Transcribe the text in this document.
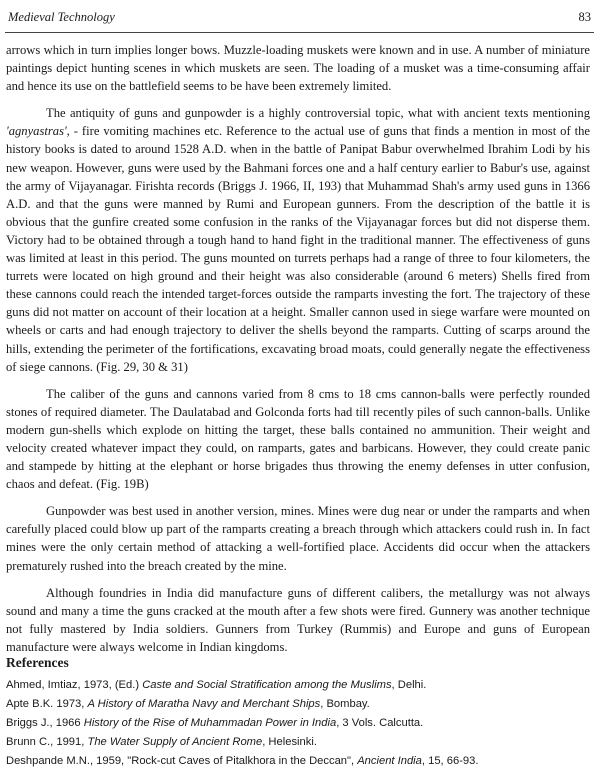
Medieval Technology	83

arrows which in turn implies longer bows. Muzzle-loading muskets were known and in use. A number of miniature paintings depict hunting scenes in which muskets are seen. The loading of a musket was a time-consuming affair and hence its use on the battlefield seems to be have been extremely limited.

The antiquity of guns and gunpowder is a highly controversial topic, what with ancient texts mentioning 'agnyastras', - fire vomiting machines etc. Reference to the actual use of guns that finds a mention in most of the history books is dated to around 1528 A.D. when in the battle of Panipat Babur overwhelmed Ibrahim Lodi by his new weapon. However, guns were used by the Bahmani forces one and a half century earlier to Babur's use, against the army of Vijayanagar. Firishta records (Briggs J. 1966, II, 193) that Muhammad Shah's army used guns in 1366 A.D. and that the guns were manned by Rumi and European gunners. From the description of the battle it is obvious that the gunfire created some confusion in the ranks of the Vijayanagar forces but did not disperse them. Victory had to be obtained through a tough hand to hand fight in the traditional manner. The effectiveness of guns was limited at least in this period. The guns mounted on turrets perhaps had a range of three to four kilometers, the turrets were located on high ground and their height was also considerable (around 6 meters) Shells fired from these cannons could reach the intended target-forces outside the ramparts investing the fort. The trajectory of these guns did not matter on account of their location at a height. Smaller cannon used in siege warfare were mounted on wheels or carts and had enough trajectory to deliver the shells beyond the ramparts. Cutting of scarps around the hills, extending the perimeter of the fortifications, excavating broad moats, could generally negate the effectiveness of siege cannons. (Fig. 29, 30 & 31)

The caliber of the guns and cannons varied from 8 cms to 18 cms cannon-balls were perfectly rounded stones of required diameter. The Daulatabad and Golconda forts had till recently piles of such cannon-balls. Unlike modern gun-shells which explode on hitting the target, these balls contained no ammunition. Their weight and velocity created whatever impact they could, on ramparts, gates and barbicans. However, they could create panic and stampede by hitting at the elephant or horse brigades thus throwing the enemy defenses in utter confusion, chaos and defeat. (Fig. 19B)

Gunpowder was best used in another version, mines. Mines were dug near or under the ramparts and when carefully placed could blow up part of the ramparts creating a breach through which attackers could rush in. In fact mines were the only certain method of attacking a well-fortified place. Accidents did occur when the attackers prematurely rushed into the breach created by the mine.

Although foundries in India did manufacture guns of different calibers, the metallurgy was not always sound and many a time the guns cracked at the mouth after a few shots were fired. Gunnery was another technique not fully mastered by India soldiers. Gunners from Turkey (Rummis) and Europe and guns of European manufacture were always welcome in Indian kingdoms.

References
Ahmed, Imtiaz, 1973, (Ed.) Caste and Social Stratification among the Muslims, Delhi.
Apte B.K. 1973, A History of Maratha Navy and Merchant Ships, Bombay.
Briggs J., 1966 History of the Rise of Muhammadan Power in India, 3 Vols. Calcutta.
Brunn C., 1991, The Water Supply of Ancient Rome, Helesinki.
Deshpande M.N., 1959, "Rock-cut Caves of Pitalkhora in the Deccan", Ancient India, 15, 66-93.
